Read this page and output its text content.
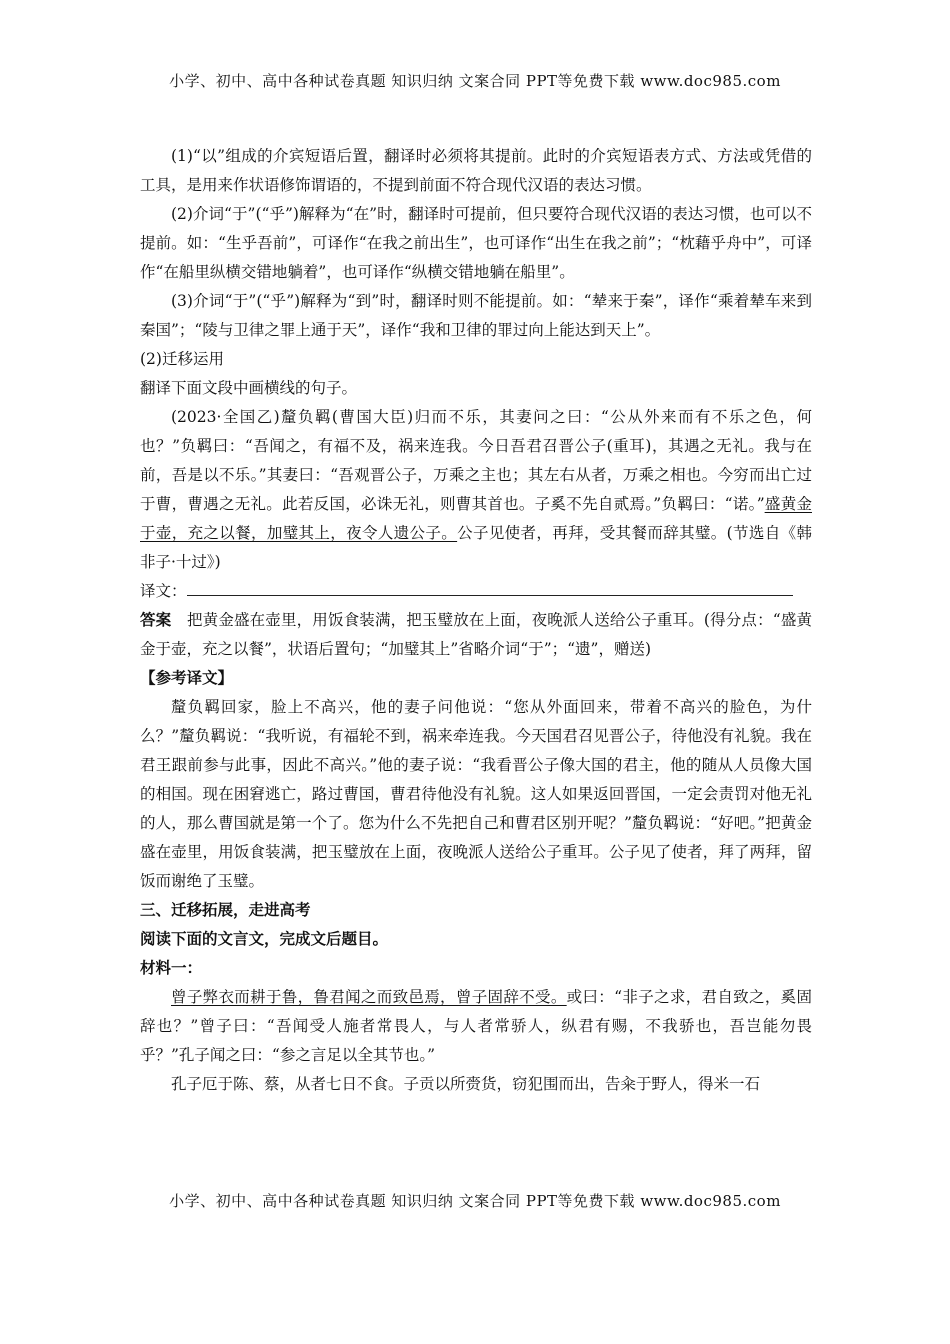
小学、初中、高中各种试卷真题 知识归纳 文案合同 PPT等免费下载 www.doc985.com

(1)“以”组成的介宾短语后置，翻译时必须将其提前。此时的介宾短语表方式、方法或凭借的工具，是用来作状语修饰谓语的，不提到前面不符合现代汉语的表达习惯。

(2)介词“于”(“乎”)解释为“在”时，翻译时可提前，但只要符合现代汉语的表达习惯，也可以不提前。如：“生乎吾前”，可译作“在我之前出生”，也可译作“出生在我之前”；“枕藉乎舟中”，可译作“在船里纵横交错地躺着”，也可译作“纵横交错地躺在船里”。

(3)介词“于”(“乎”)解释为“到”时，翻译时则不能提前。如：“辇来于秦”，译作“乘着辇车来到秦国”；“陵与卫律之罪上通于天”，译作“我和卫律的罪过向上能达到天上”。

(2)迁移运用

翻译下面文段中画横线的句子。

(2023·全国乙)釐负羁(曹国大臣)归而不乐，其妻问之曰：“公从外来而有不乐之色，何也？”负羁曰：“吾闻之，有福不及，祸来连我。今日吾君召晋公子(重耳)，其遇之无礼。我与在前，吾是以不乐。”其妻曰：“吾观晋公子，万乘之主也；其左右从者，万乘之相也。今穷而出亡过于曹，曹遇之无礼。此若反国，必诛无礼，则曹其首也。子奚不先自贰焉。”负羁曰：“诺。”盛黄金于壶，充之以餐，加璧其上，夜令人遗公子。公子见使者，再拜，受其餐而辞其璧。(节选自《韩非子·十过》)

译文：

答案　把黄金盛在壶里，用饭食装满，把玉璧放在上面，夜晚派人送给公子重耳。(得分点：“盛黄金于壶，充之以餐”，状语后置句；“加璧其上”省略介词“于”；“遗”，赠送)

【参考译文】

釐负羁回家，脸上不高兴，他的妻子问他说：“您从外面回来，带着不高兴的脸色，为什么？”釐负羁说：“我听说，有福轮不到，祸来牵连我。今天国君召见晋公子，待他没有礼貌。我在君王跟前参与此事，因此不高兴。”他的妻子说：“我看晋公子像大国的君主，他的随从人员像大国的相国。现在困窘逃亡，路过曹国，曹君待他没有礼貌。这人如果返回晋国，一定会责罚对他无礼的人，那么曹国就是第一个了。您为什么不先把自己和曹君区别开呢？”釐负羁说：“好吧。”把黄金盛在壶里，用饭食装满，把玉璧放在上面，夜晚派人送给公子重耳。公子见了使者，拜了两拜，留饭而谢绝了玉璧。

三、迁移拓展，走进高考

阅读下面的文言文，完成文后题目。

材料一：

曾子弊衣而耕于鲁，鲁君闻之而致邑焉，曾子固辞不受。或曰：“非子之求，君自致之，奚固辞也？”曾子曰：“吾闻受人施者常畏人，与人者常骄人，纵君有赐，不我骄也，吾岂能勿畏乎？”孔子闻之曰：“参之言足以全其节也。”

孔子厄于陈、蔡，从者七日不食。子贡以所赍货，窃犯围而出，告籴于野人，得米一石

小学、初中、高中各种试卷真题 知识归纳 文案合同 PPT等免费下载 www.doc985.com
